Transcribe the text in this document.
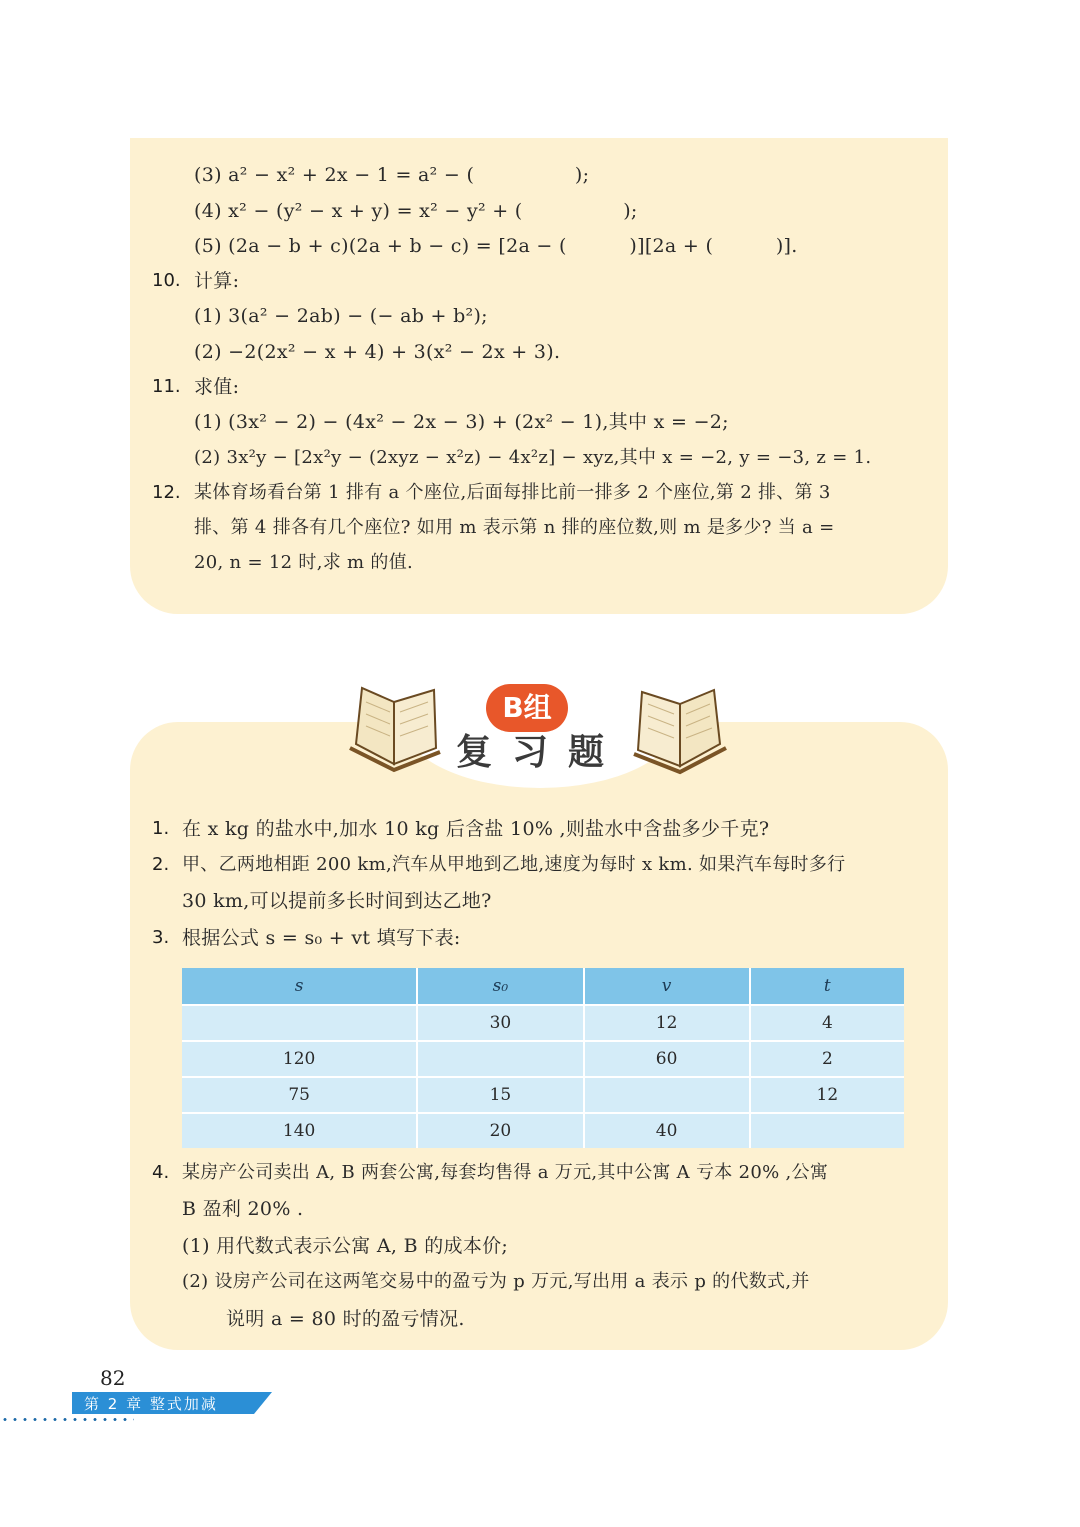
(3) a² − x² + 2x − 1 = a² − (	);
(4) x² − (y² − x + y) = x² − y² + (	);
(5) (2a − b + c)(2a + b − c) = [2a − (	)][2a + (	)].
10. 计算:
(1) 3(a² − 2ab) − (− ab + b²);
(2) −2(2x² − x + 4) + 3(x² − 2x + 3).
11. 求值:
(1) (3x² − 2) − (4x² − 2x − 3) + (2x² − 1),其中 x = −2;
(2) 3x²y − [2x²y − (2xyz − x²z) − 4x²z] − xyz,其中 x = −2, y = −3, z = 1.
12. 某体育场看台第 1 排有 a 个座位,后面每排比前一排多 2 个座位,第 2 排、第 3
排、第 4 排各有几个座位? 如用 m 表示第 n 排的座位数,则 m 是多少? 当 a =
20, n = 12 时,求 m 的值.
B组
复习题
1. 在 x kg 的盐水中,加水 10 kg 后含盐 10% ,则盐水中含盐多少千克?
2. 甲、乙两地相距 200 km,汽车从甲地到乙地,速度为每时 x km. 如果汽车每时多行
30 km,可以提前多长时间到达乙地?
3. 根据公式 s = s₀ + vt 填写下表:
s	s₀	v	t
	30	12	4
120		60	2
75	15		12
140	20	40	
4. 某房产公司卖出 A, B 两套公寓,每套均售得 a 万元,其中公寓 A 亏本 20% ,公寓
B 盈利 20% .
(1) 用代数式表示公寓 A, B 的成本价;
(2) 设房产公司在这两笔交易中的盈亏为 p 万元,写出用 a 表示 p 的代数式,并
说明 a = 80 时的盈亏情况.
82
第 2 章 整式加减
